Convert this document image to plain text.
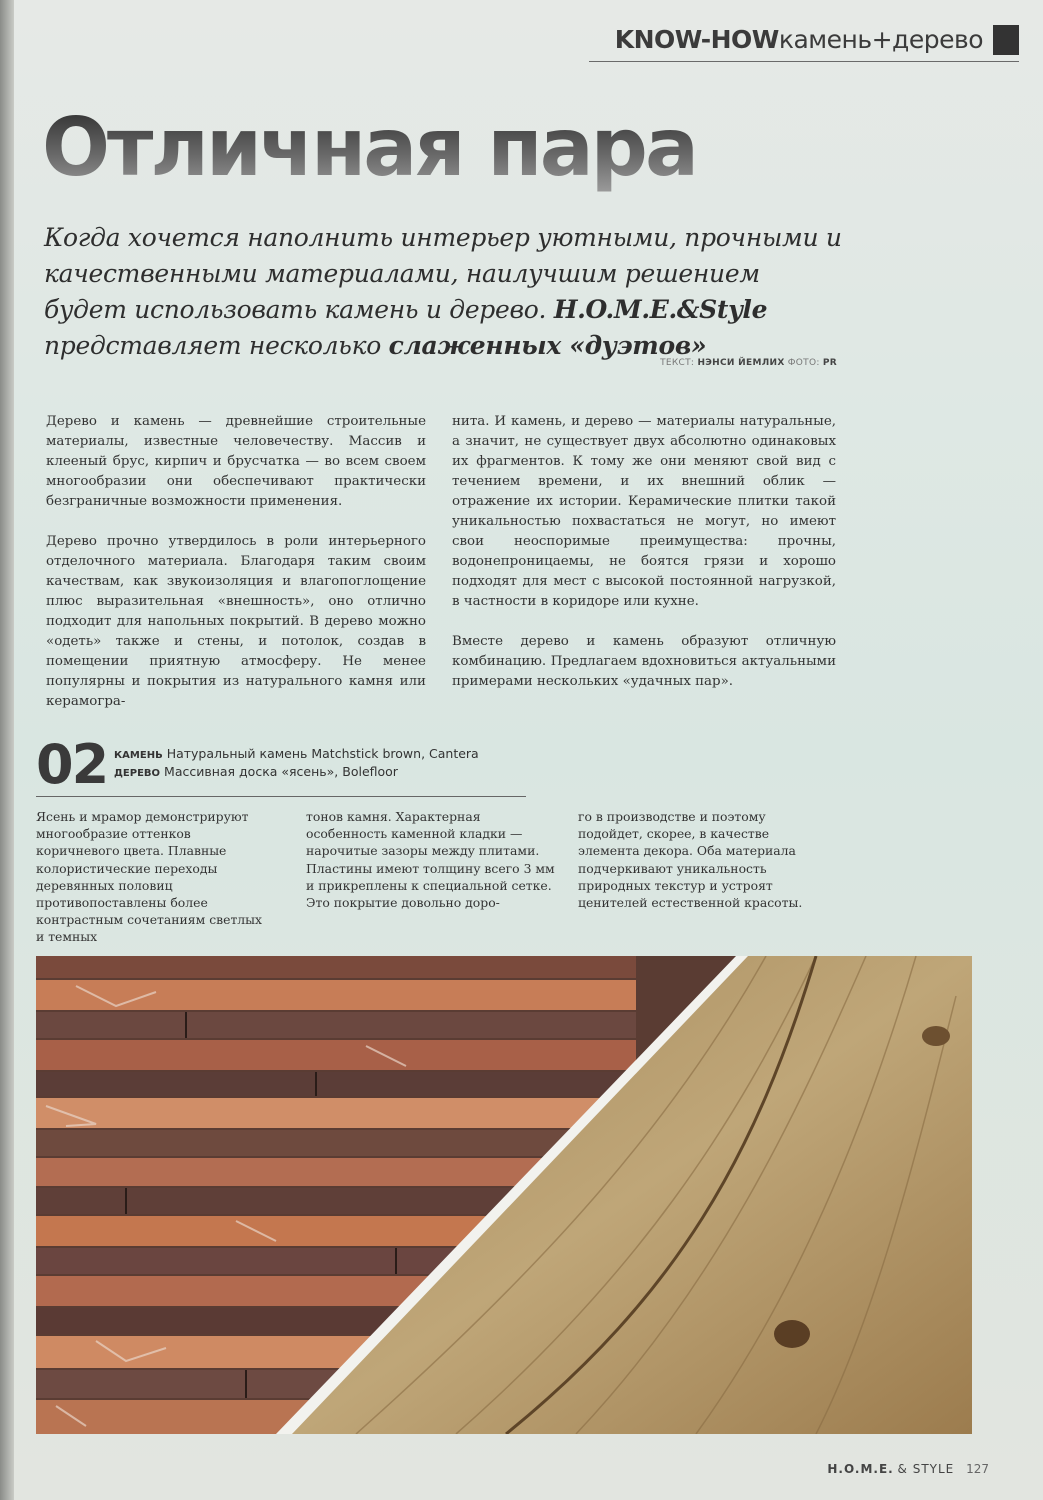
KNOW-HOW камень+дерево
Отличная пара
Когда хочется наполнить интерьер уютными, прочными и качественными материалами, наилучшим решением будет использовать камень и дерево. H.O.M.E.&Style представляет несколько слаженных «дуэтов»
ТЕКСТ: НЭНСИ ЙЕМЛИХ ФОТО: PR

Дерево и камень — древнейшие строительные материалы, известные человечеству. Массив и клееный брус, кирпич и брусчатка — во всем своем многообразии они обеспечивают практически безграничные возможности применения.

Дерево прочно утвердилось в роли интерьерного отделочного материала. Благодаря таким своим качествам, как звукоизоляция и влагопоглощение плюс выразительная «внешность», оно отлично подходит для напольных покрытий. В дерево можно «одеть» также и стены, и потолок, создав в помещении приятную атмосферу. Не менее популярны и покрытия из натурального камня или керамогра-

нита. И камень, и дерево — материалы натуральные, а значит, не существует двух абсолютно одинаковых их фрагментов. К тому же они меняют свой вид с течением времени, и их внешний облик — отражение их истории. Керамические плитки такой уникальностью похвастаться не могут, но имеют свои неоспоримые преимущества: прочны, водонепроницаемы, не боятся грязи и хорошо подходят для мест с высокой постоянной нагрузкой, в частности в коридоре или кухне.

Вместе дерево и камень образуют отличную комбинацию. Предлагаем вдохновиться актуальными примерами нескольких «удачных пар».

02 КАМЕНЬ Натуральный камень Matchstick brown, Cantera
ДЕРЕВО Массивная доска «ясень», Bolefloor
Ясень и мрамор демонстрируют многообразие оттенков коричневого цвета. Плавные колористические переходы деревянных половиц противопоставлены более контрастным сочетаниям светлых и темных
тонов камня. Характерная особенность каменной кладки — нарочитые зазоры между плитами. Пластины имеют толщину всего 3 мм и прикреплены к специальной сетке. Это покрытие довольно доро-
го в производстве и поэтому подойдет, скорее, в качестве элемента декора. Оба материала подчеркивают уникальность природных текстур и устроят ценителей естественной красоты.
H.O.M.E. & STYLE 127
